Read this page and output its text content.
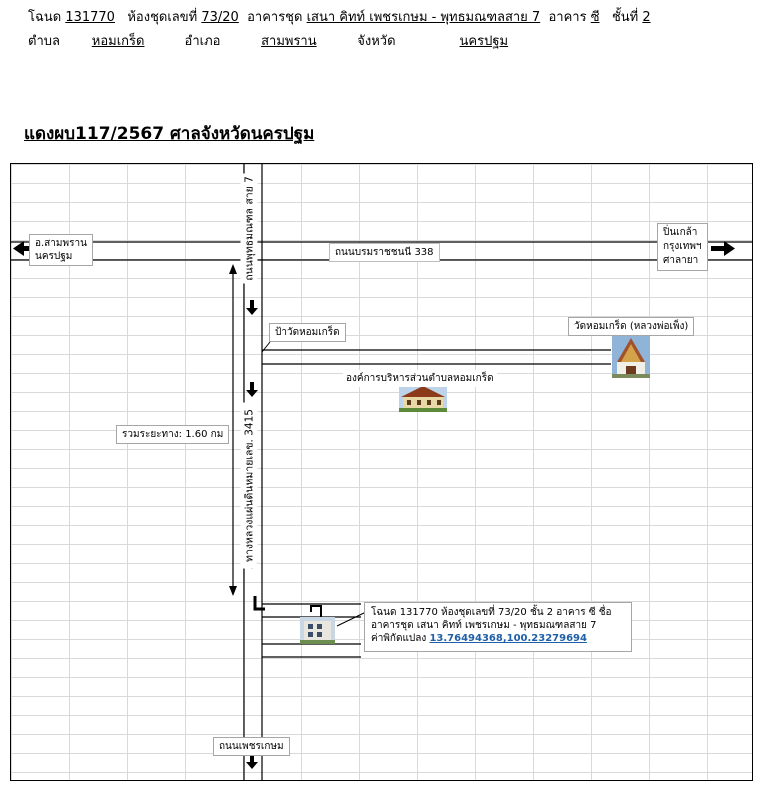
โฉนด 131770 ห้องชุดเลขที่ 73/20 อาคารชุด เสนา คิทท์ เพชรเกษม - พุทธมณฑลสาย 7 อาคาร ซี ชั้นที่ 2
ตำบล หอมเกร็ด	อำเภอ	สามพราน	จังหวัด	นครปฐม
แดงผบ117/2567 ศาลจังหวัดนครปฐม
อ.สามพราน
นครปฐม
ปิ่นเกล้า
กรุงเทพฯ
ศาลายา
ถนนบรมราชชนนี 338
ถนนพุทธมณฑล สาย 7
ทางหลวงแผ่นดินหมายเลข. 3415
ป้าวัดหอมเกร็ด
วัดหอมเกร็ด (หลวงพ่อเพ็ง)
องค์การบริหารส่วนตำบลหอมเกร็ด
รวมระยะทาง: 1.60 กม
โฉนด 131770 ห้องชุดเลขที่ 73/20 ชั้น 2 อาคาร ซี ชื่อ
อาคารชุด เสนา คิทท์ เพชรเกษม - พุทธมณฑลสาย 7
ค่าพิกัดแปลง 13.76494368,100.23279694
ถนนเพชรเกษม
